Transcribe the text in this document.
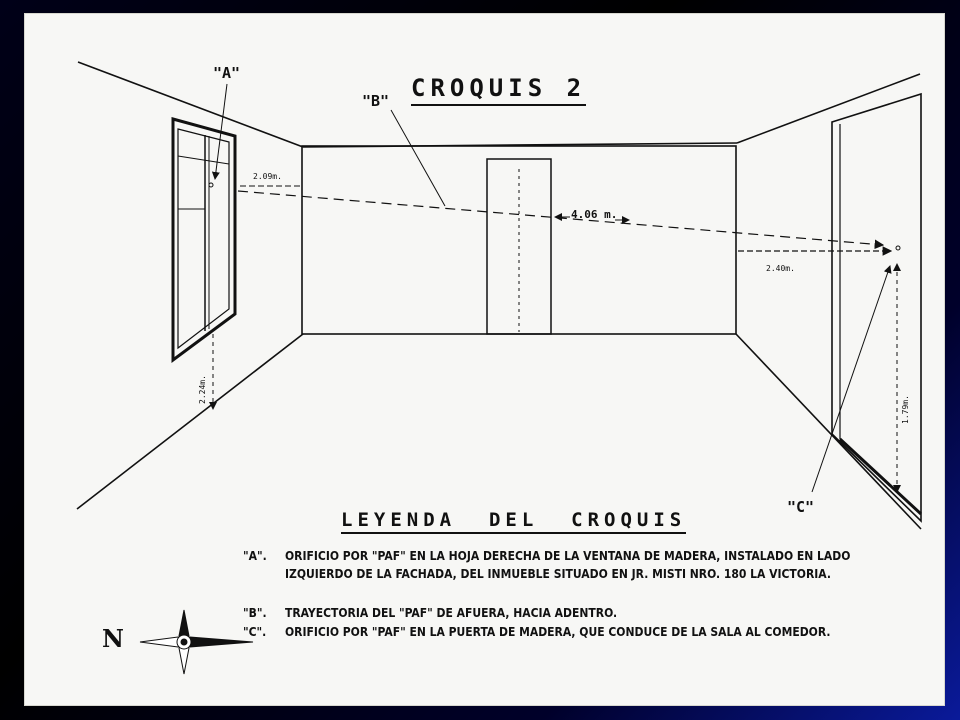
"A"
"B"
"C"
2.09m.
4.06 m.
2.40m.
2.24m.
1.79m.
CROQUIS 2
LEYENDA  DEL  CROQUIS
"A".	ORIFICIO POR "PAF" EN LA HOJA DERECHA DE LA VENTANA DE MADERA, INSTALADO EN LADO IZQUIERDO DE LA FACHADA, DEL INMUEBLE SITUADO EN JR. MISTI NRO. 180 LA VICTORIA.
"B".	TRAYECTORIA DEL "PAF" DE AFUERA, HACIA ADENTRO.
"C".	ORIFICIO POR "PAF" EN LA PUERTA DE MADERA, QUE CONDUCE DE LA SALA AL COMEDOR.
N
